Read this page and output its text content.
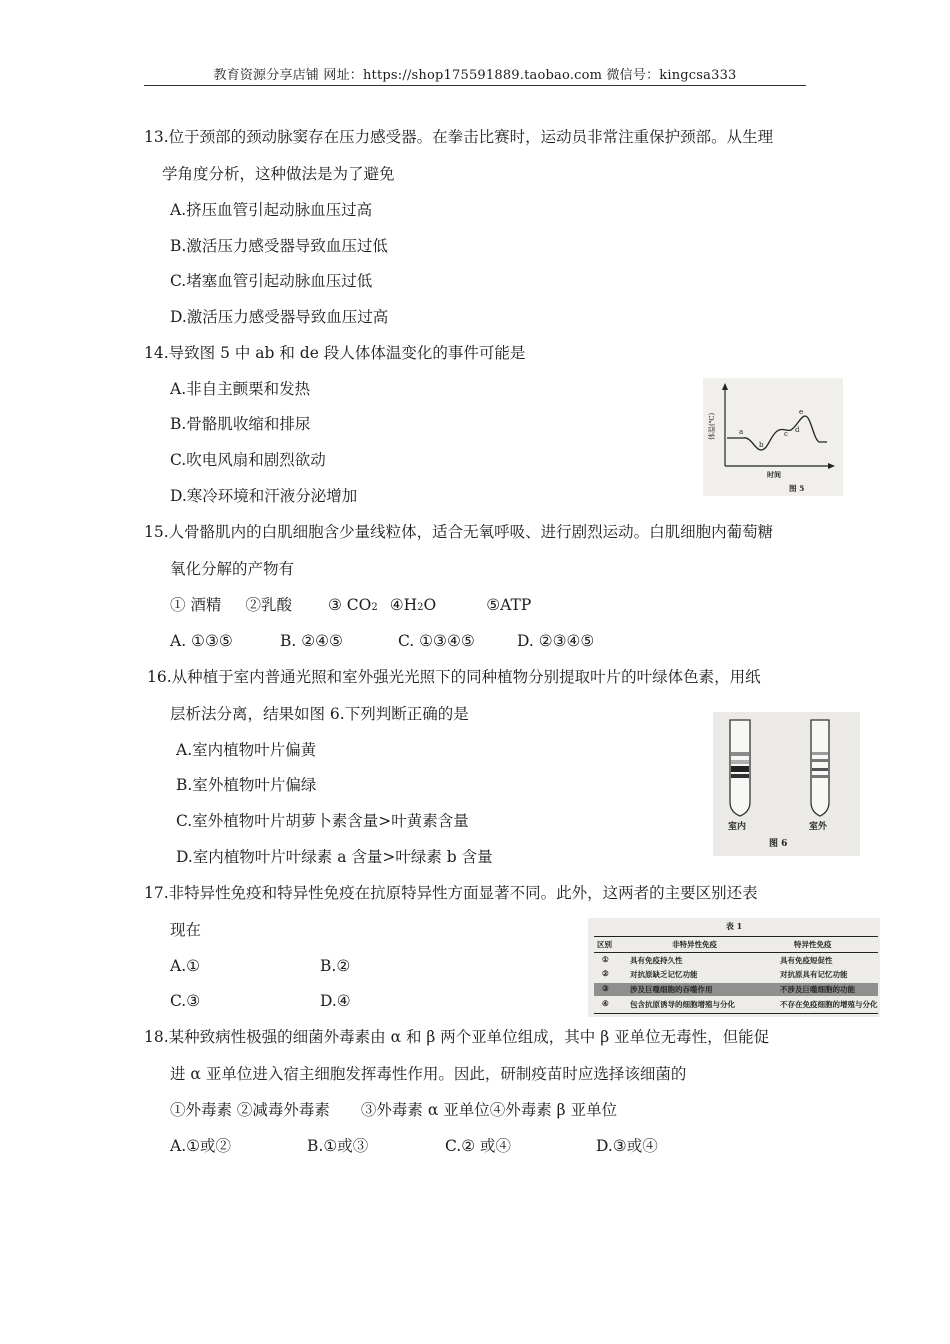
教育资源分享店铺 网址：https://shop175591889.taobao.com 微信号：kingcsa333
13.位于颈部的颈动脉窦存在压力感受器。在拳击比赛时，运动员非常注重保护颈部。从生理
学角度分析，这种做法是为了避免
A.挤压血管引起动脉血压过高
B.激活压力感受器导致血压过低
C.堵塞血管引起动脉血压过低
D.激活压力感受器导致血压过高
14.导致图 5 中 ab 和 de 段人体体温变化的事件可能是
A.非自主颤栗和发热
B.骨骼肌收缩和排尿
C.吹电风扇和剧烈欲动
D.寒冷环境和汗液分泌增加
a
b
c d
e
体温(℃)
时间
图 5
15.人骨骼肌内的白肌细胞含少量线粒体，适合无氧呼吸、进行剧烈运动。白肌细胞内葡萄糖
氧化分解的产物有
① 酒精 ②乳酸 ③ CO2 ④H2O	⑤ATP
A. ①③⑤	B. ②④⑤	C. ①③④⑤	D. ②③④⑤
16.从种植于室内普通光照和室外强光光照下的同种植物分别提取叶片的叶绿体色素，用纸
层析法分离，结果如图 6.下列判断正确的是
A.室内植物叶片偏黄
B.室外植物叶片偏绿
C.室外植物叶片胡萝卜素含量>叶黄素含量
D.室内植物叶片叶绿素 a 含量>叶绿素 b 含量
室内	室外
图 6
17.非特异性免疫和特异性免疫在抗原特异性方面显著不同。此外，这两者的主要区别还表
现在
A.①	B.②
C.③	D.④
表 1
区别	非特异性免疫	特异性免疫
①	具有免疫持久性	具有免疫短促性
②	对抗原缺乏记忆功能	对抗原具有记忆功能
③	涉及巨噬细胞的吞噬作用	不涉及巨噬细胞的功能
④	包含抗原诱导的细胞增殖与分化	不存在免疫细胞的增殖与分化
18.某种致病性极强的细菌外毒素由 α 和 β 两个亚单位组成，其中 β 亚单位无毒性，但能促
进 α 亚单位进入宿主细胞发挥毒性作用。因此，研制疫苗时应选择该细菌的
①外毒素 ②减毒外毒素　　③外毒素 α 亚单位④外毒素 β 亚单位
A.①或②	B.①或③	C.② 或④	D.③或④
